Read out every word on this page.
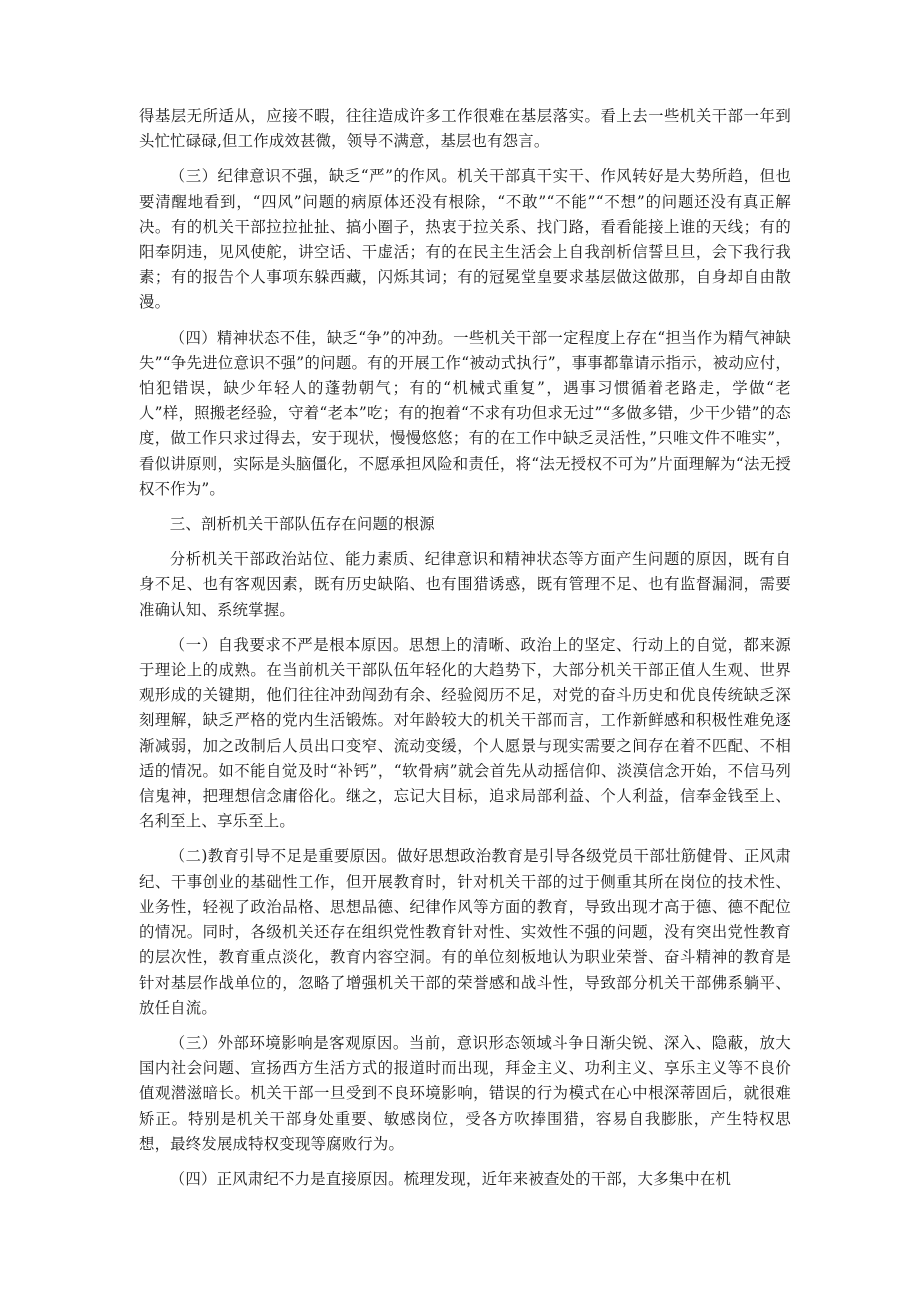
得基层无所适从，应接不暇，往往造成许多工作很难在基层落实。看上去一些机关干部一年到头忙忙碌碌,但工作成效甚微，领导不满意，基层也有怨言。

（三）纪律意识不强，缺乏“严”的作风。机关干部真干实干、作风转好是大势所趋，但也要清醒地看到，“四风”问题的病原体还没有根除，“不敢”“不能”“不想”的问题还没有真正解决。有的机关干部拉拉扯扯、搞小圈子，热衷于拉关系、找门路，看看能接上谁的天线；有的阳奉阴违，见风使舵，讲空话、干虚活；有的在民主生活会上自我剖析信誓旦旦，会下我行我素；有的报告个人事项东躲西藏，闪烁其词；有的冠冕堂皇要求基层做这做那，自身却自由散漫。

（四）精神状态不佳，缺乏“争”的冲劲。一些机关干部一定程度上存在“担当作为精气神缺失”“争先进位意识不强”的问题。有的开展工作“被动式执行”，事事都靠请示指示，被动应付，怕犯错误，缺少年轻人的蓬勃朝气；有的“机械式重复”，遇事习惯循着老路走，学做“老人”样，照搬老经验，守着“老本”吃；有的抱着“不求有功但求无过”“多做多错，少干少错”的态度，做工作只求过得去，安于现状，慢慢悠悠；有的在工作中缺乏灵活性，”只唯文件不唯实”，看似讲原则，实际是头脑僵化，不愿承担风险和责任，将“法无授权不可为”片面理解为“法无授权不作为”。

三、剖析机关干部队伍存在问题的根源

分析机关干部政治站位、能力素质、纪律意识和精神状态等方面产生问题的原因，既有自身不足、也有客观因素，既有历史缺陷、也有围猎诱惑，既有管理不足、也有监督漏洞，需要准确认知、系统掌握。

（一）自我要求不严是根本原因。思想上的清晰、政治上的坚定、行动上的自觉，都来源于理论上的成熟。在当前机关干部队伍年轻化的大趋势下，大部分机关干部正值人生观、世界观形成的关键期，他们往往冲劲闯劲有余、经验阅历不足，对党的奋斗历史和优良传统缺乏深刻理解，缺乏严格的党内生活锻炼。对年龄较大的机关干部而言，工作新鲜感和积极性难免逐渐减弱，加之改制后人员出口变窄、流动变缓，个人愿景与现实需要之间存在着不匹配、不相适的情况。如不能自觉及时“补钙”，“软骨病”就会首先从动摇信仰、淡漠信念开始，不信马列信鬼神，把理想信念庸俗化。继之，忘记大目标，追求局部利益、个人利益，信奉金钱至上、名利至上、享乐至上。

（二)教育引导不足是重要原因。做好思想政治教育是引导各级党员干部壮筋健骨、正风肃纪、干事创业的基础性工作，但开展教育时，针对机关干部的过于侧重其所在岗位的技术性、业务性，轻视了政治品格、思想品德、纪律作风等方面的教育，导致出现才高于德、德不配位的情况。同时，各级机关还存在组织党性教育针对性、实效性不强的问题，没有突出党性教育的层次性，教育重点淡化，教育内容空洞。有的单位刻板地认为职业荣誉、奋斗精神的教育是针对基层作战单位的，忽略了增强机关干部的荣誉感和战斗性，导致部分机关干部佛系躺平、放任自流。

（三）外部环境影响是客观原因。当前，意识形态领域斗争日渐尖锐、深入、隐蔽，放大国内社会问题、宣扬西方生活方式的报道时而出现，拜金主义、功利主义、享乐主义等不良价值观潜滋暗长。机关干部一旦受到不良环境影响，错误的行为模式在心中根深蒂固后，就很难矫正。特别是机关干部身处重要、敏感岗位，受各方吹捧围猎，容易自我膨胀，产生特权思想，最终发展成特权变现等腐败行为。

（四）正风肃纪不力是直接原因。梳理发现，近年来被查处的干部，大多集中在机
